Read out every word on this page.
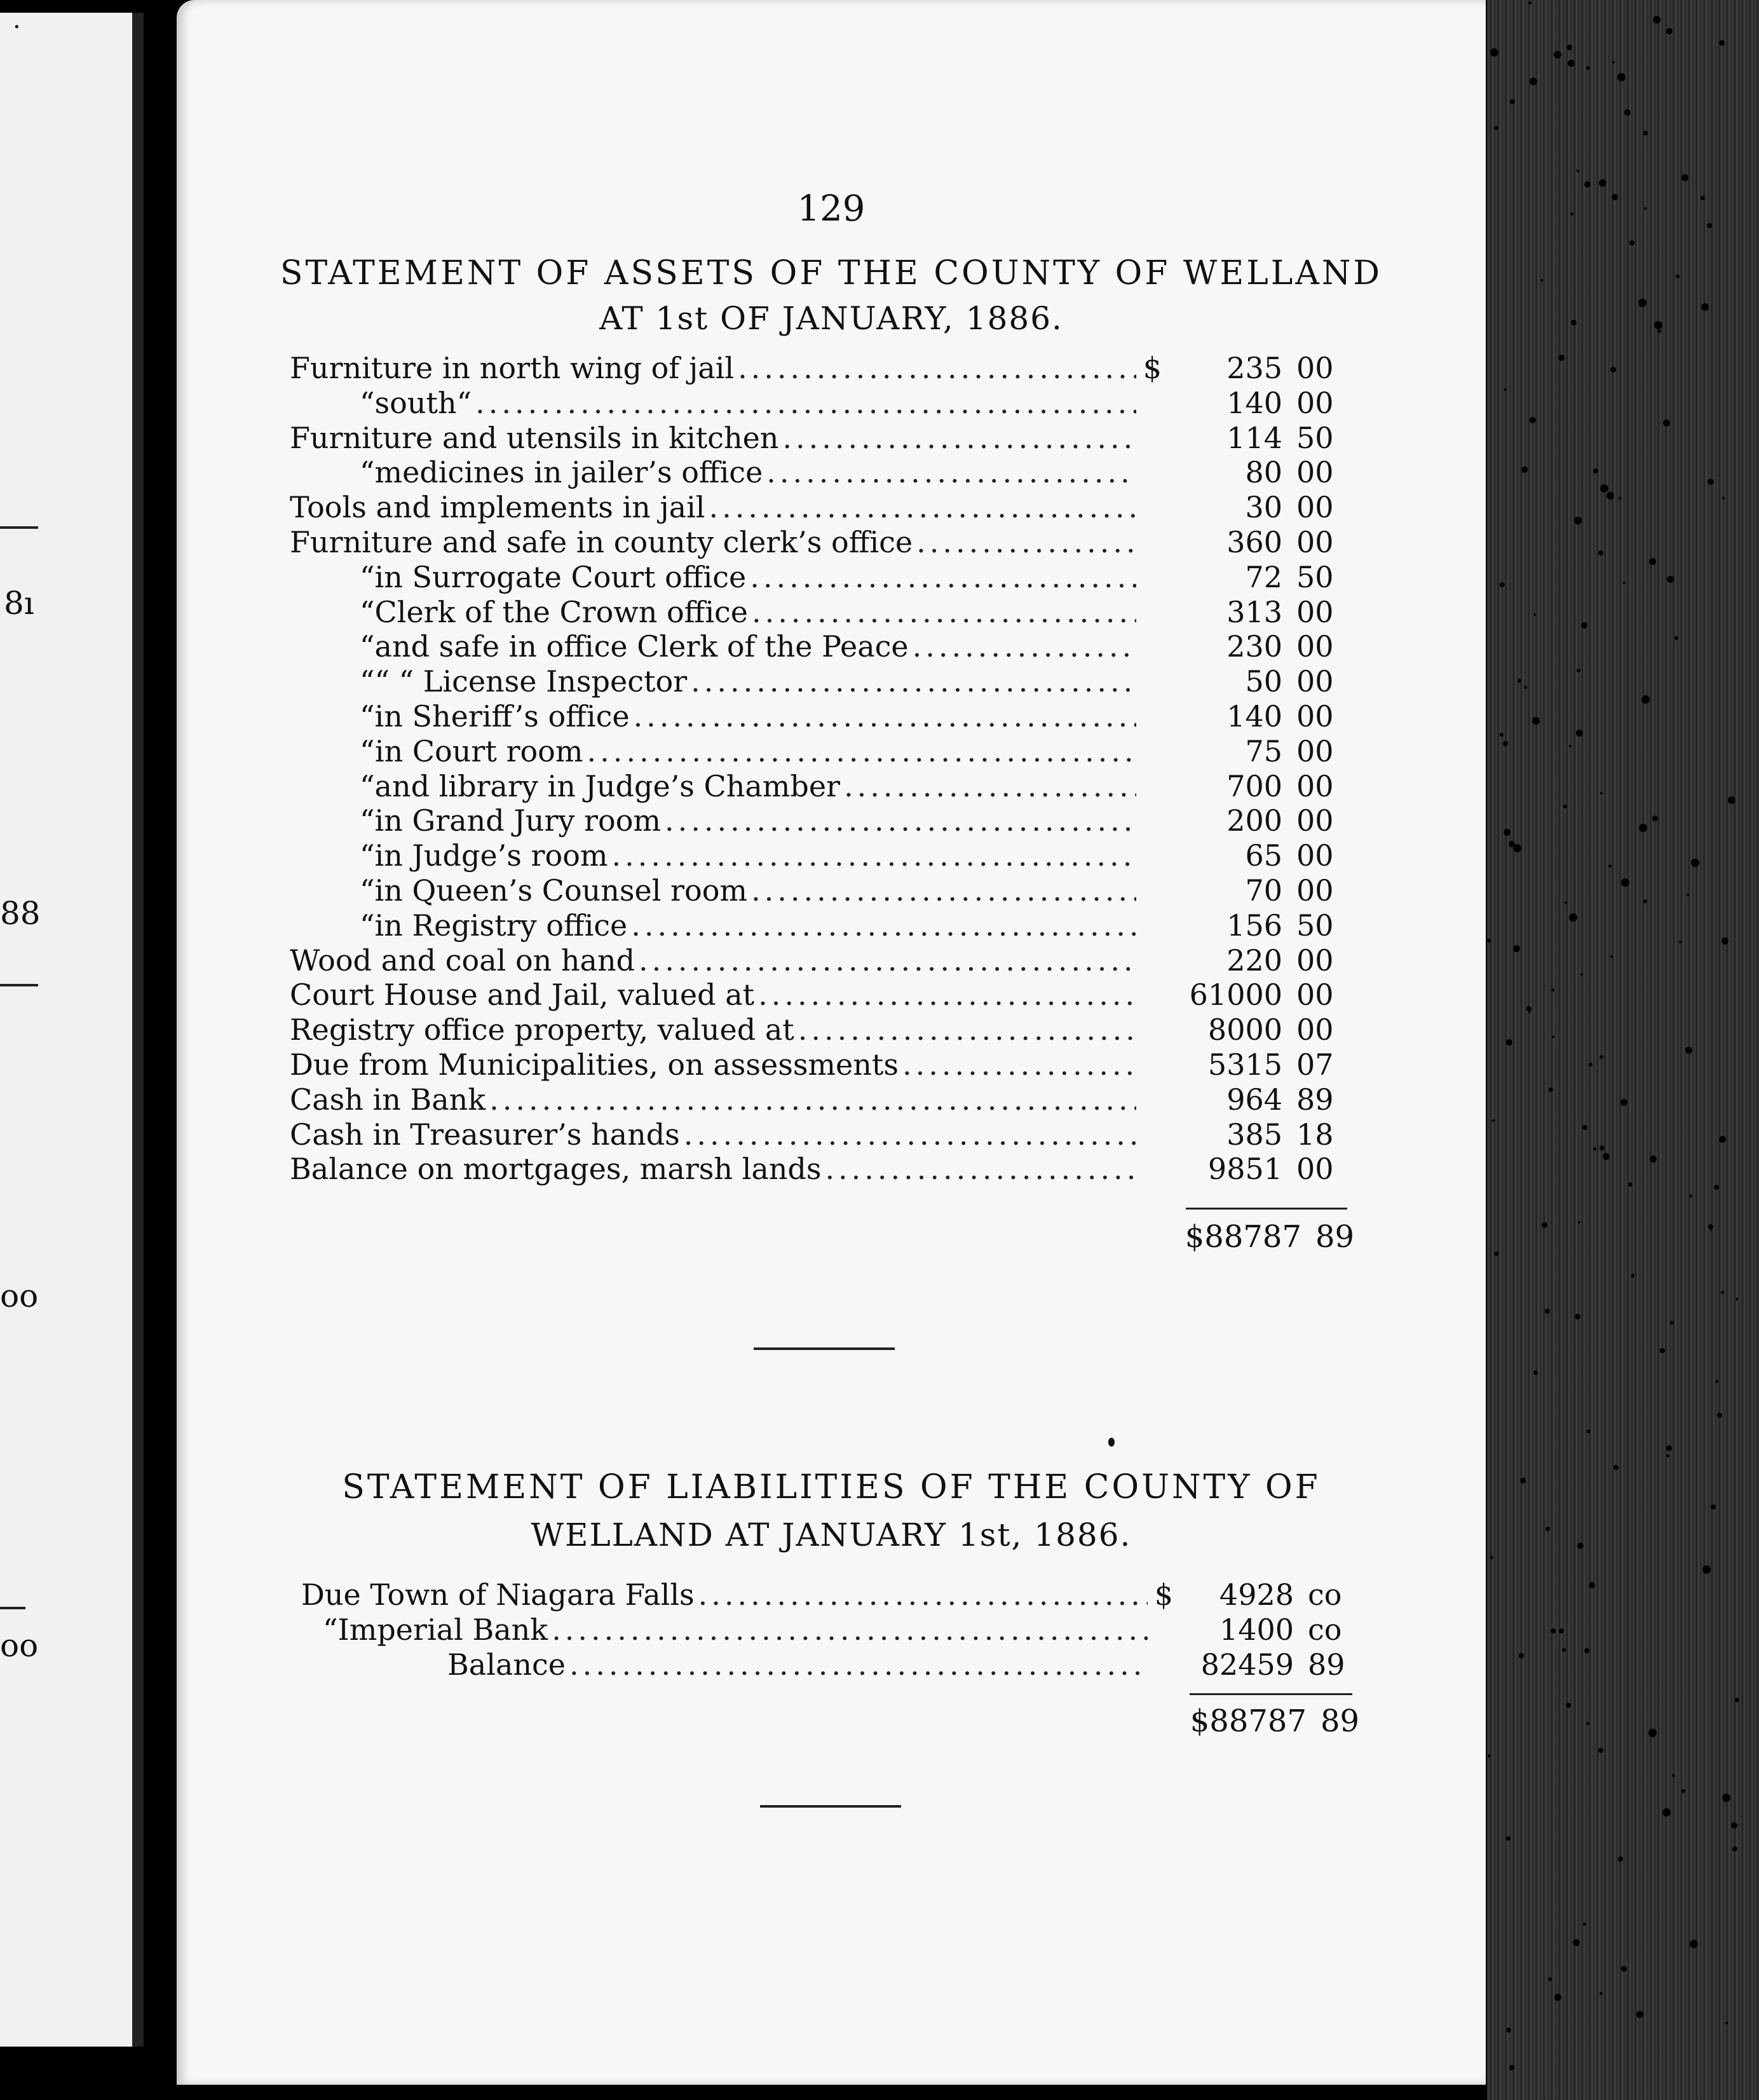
·
8ı
88
oo
oo
129
STATEMENT OF ASSETS OF THE COUNTY OF WELLAND
AT 1st OF JANUARY, 1886.
Furniture in north wing of jail .....	$	235 00
“ south“ .....	140 00
Furniture and utensils in kitchen .....	114 50
“ medicines in jailer’s office .....	80 00
Tools and implements in jail .....	30 00
Furniture and safe in county clerk’s office .....	360 00
“ in Surrogate Court office .....	72 50
“ Clerk of the Crown office .....	313 00
“ and safe in office Clerk of the Peace .....	230 00
“ “ “ License Inspector .....	50 00
“ in Sheriff’s office .....	140 00
“ in Court room .....	75 00
“ and library in Judge’s Chamber .....	700 00
“ in Grand Jury room .....	200 00
“ in Judge’s room .....	65 00
“ in Queen’s Counsel room .....	70 00
“ in Registry office .....	156 50
Wood and coal on hand .....	220 00
Court House and Jail, valued at .....	61000 00
Registry office property, valued at .....	8000 00
Due from Municipalities, on assessments .....	5315 07
Cash in Bank .....	964 89
Cash in Treasurer’s hands .....	385 18
Balance on mortgages, marsh lands .....	9851 00
$88787 89
STATEMENT OF LIABILITIES OF THE COUNTY OF
WELLAND AT JANUARY 1st, 1886.
Due Town of Niagara Falls .....	$	4928 co
“ Imperial Bank .....	1400 co
Balance .....	82459 89
$88787 89
